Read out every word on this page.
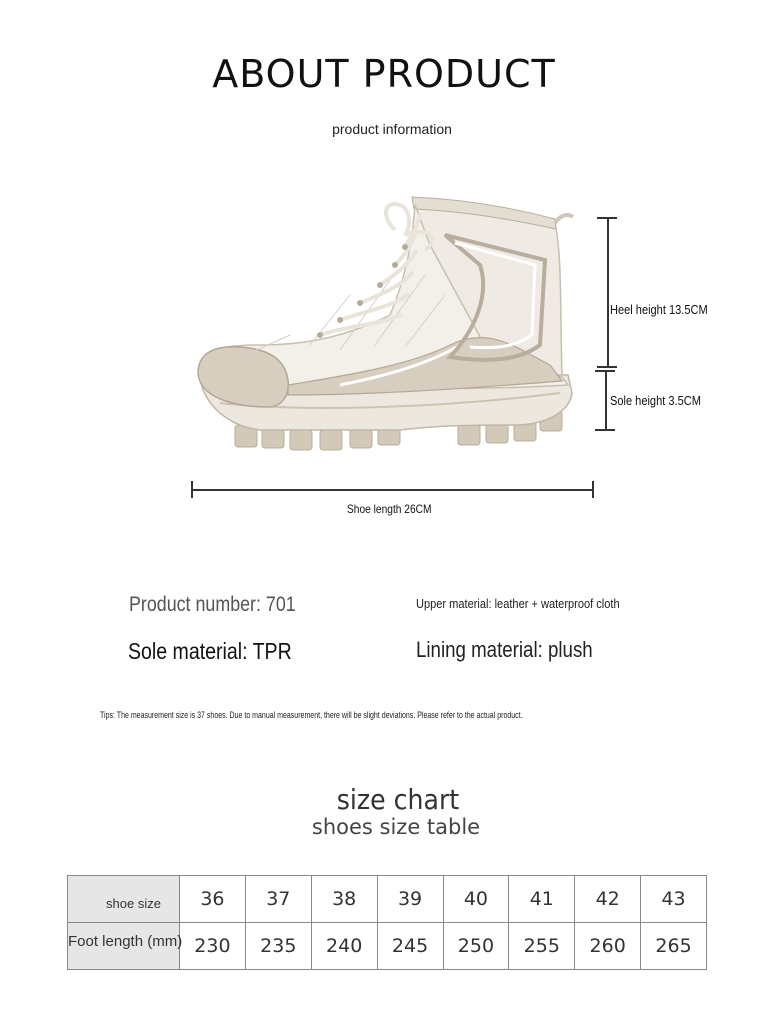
ABOUT PRODUCT
product information
Heel height 13.5CM
Sole height 3.5CM
Shoe length 26CM
Product number: 701	Upper material: leather + waterproof cloth
Sole material: TPR	Lining material: plush
Tips: The measurement size is 37 shoes. Due to manual measurement, there will be slight deviations. Please refer to the actual product.
size chart
shoes size table
shoe size	36	37	38	39	40	41	42	43
Foot length (mm)	230	235	240	245	250	255	260	265
